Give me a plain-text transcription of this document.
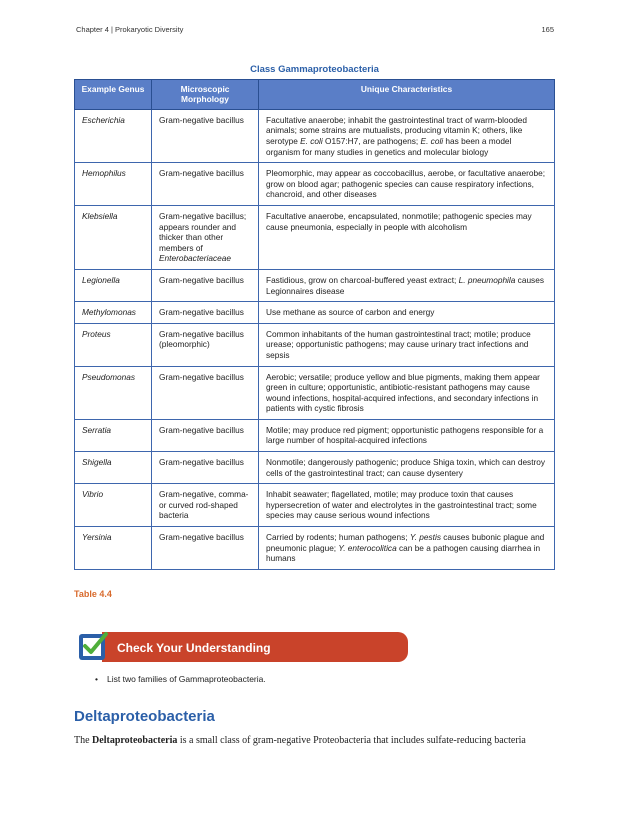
Chapter 4 | Prokaryotic Diversity	165
Class Gammaproteobacteria
Example Genus	Microscopic Morphology	Unique Characteristics
Escherichia	Gram-negative bacillus	Facultative anaerobe; inhabit the gastrointestinal tract of warm-blooded animals; some strains are mutualists, producing vitamin K; others, like serotype E. coli O157:H7, are pathogens; E. coli has been a model organism for many studies in genetics and molecular biology
Hemophilus	Gram-negative bacillus	Pleomorphic, may appear as coccobacillus, aerobe, or facultative anaerobe; grow on blood agar; pathogenic species can cause respiratory infections, chancroid, and other diseases
Klebsiella	Gram-negative bacillus; appears rounder and thicker than other members of Enterobacteriaceae	Facultative anaerobe, encapsulated, nonmotile; pathogenic species may cause pneumonia, especially in people with alcoholism
Legionella	Gram-negative bacillus	Fastidious, grow on charcoal-buffered yeast extract; L. pneumophila causes Legionnaires disease
Methylomonas	Gram-negative bacillus	Use methane as source of carbon and energy
Proteus	Gram-negative bacillus (pleomorphic)	Common inhabitants of the human gastrointestinal tract; motile; produce urease; opportunistic pathogens; may cause urinary tract infections and sepsis
Pseudomonas	Gram-negative bacillus	Aerobic; versatile; produce yellow and blue pigments, making them appear green in culture; opportunistic, antibiotic-resistant pathogens may cause wound infections, hospital-acquired infections, and secondary infections in patients with cystic fibrosis
Serratia	Gram-negative bacillus	Motile; may produce red pigment; opportunistic pathogens responsible for a large number of hospital-acquired infections
Shigella	Gram-negative bacillus	Nonmotile; dangerously pathogenic; produce Shiga toxin, which can destroy cells of the gastrointestinal tract; can cause dysentery
Vibrio	Gram-negative, comma- or curved rod-shaped bacteria	Inhabit seawater; flagellated, motile; may produce toxin that causes hypersecretion of water and electrolytes in the gastrointestinal tract; some species may cause serious wound infections
Yersinia	Gram-negative bacillus	Carried by rodents; human pathogens; Y. pestis causes bubonic plague and pneumonic plague; Y. enterocolitica can be a pathogen causing diarrhea in humans
Table 4.4
Check Your Understanding
• List two families of Gammaproteobacteria.
Deltaproteobacteria
The Deltaproteobacteria is a small class of gram-negative Proteobacteria that includes sulfate-reducing bacteria
